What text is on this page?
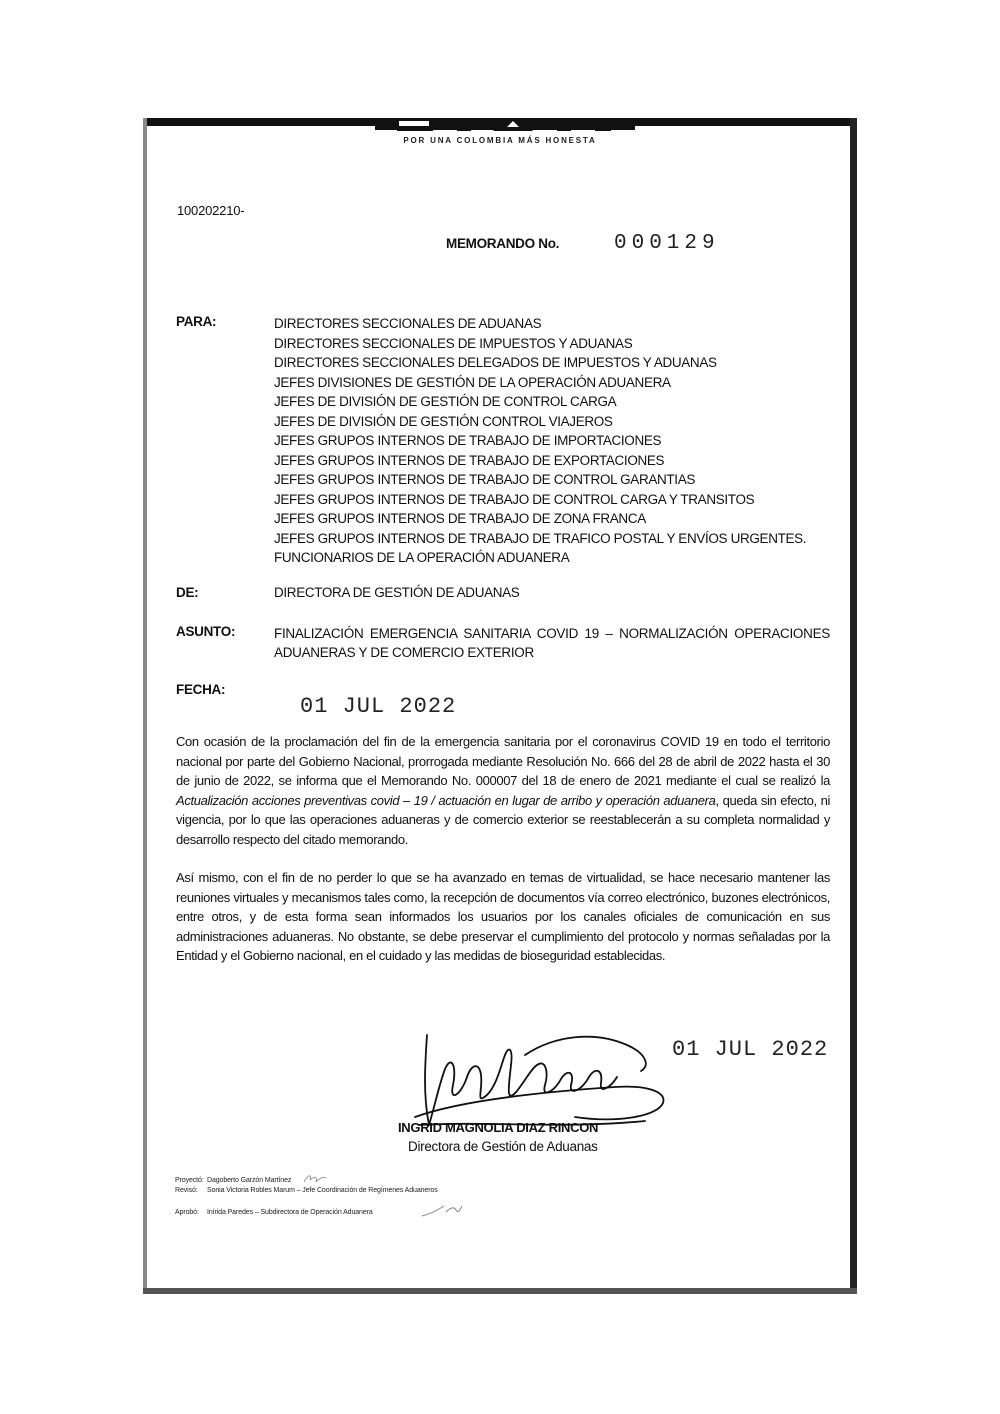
POR UNA COLOMBIA MÁS HONESTA
100202210-
MEMORANDO No.	000129
PARA:	DIRECTORES SECCIONALES DE ADUANAS
DIRECTORES SECCIONALES DE IMPUESTOS Y ADUANAS
DIRECTORES SECCIONALES DELEGADOS DE IMPUESTOS Y ADUANAS
JEFES DIVISIONES DE GESTIÓN DE LA OPERACIÓN ADUANERA
JEFES DE DIVISIÓN DE GESTIÓN DE CONTROL CARGA
JEFES DE DIVISIÓN DE GESTIÓN CONTROL VIAJEROS
JEFES GRUPOS INTERNOS DE TRABAJO DE IMPORTACIONES
JEFES GRUPOS INTERNOS DE TRABAJO DE EXPORTACIONES
JEFES GRUPOS INTERNOS DE TRABAJO DE CONTROL GARANTIAS
JEFES GRUPOS INTERNOS DE TRABAJO DE CONTROL CARGA Y TRANSITOS
JEFES GRUPOS INTERNOS DE TRABAJO DE ZONA FRANCA
JEFES GRUPOS INTERNOS DE TRABAJO DE TRAFICO POSTAL Y ENVÍOS URGENTES.
FUNCIONARIOS DE LA OPERACIÓN ADUANERA
DE:	DIRECTORA DE GESTIÓN DE ADUANAS
ASUNTO:	FINALIZACIÓN EMERGENCIA SANITARIA COVID 19 – NORMALIZACIÓN OPERACIONES ADUANERAS Y DE COMERCIO EXTERIOR
FECHA:
01 JUL 2022
Con ocasión de la proclamación del fin de la emergencia sanitaria por el coronavirus COVID 19 en todo el territorio nacional por parte del Gobierno Nacional, prorrogada mediante Resolución No. 666 del 28 de abril de 2022 hasta el 30 de junio de 2022, se informa que el Memorando No. 000007 del 18 de enero de 2021 mediante el cual se realizó la Actualización acciones preventivas covid – 19 / actuación en lugar de arribo y operación aduanera, queda sin efecto, ni vigencia, por lo que las operaciones aduaneras y de comercio exterior se reestablecerán a su completa normalidad y desarrollo respecto del citado memorando.
Así mismo, con el fin de no perder lo que se ha avanzado en temas de virtualidad, se hace necesario mantener las reuniones virtuales y mecanismos tales como, la recepción de documentos vía correo electrónico, buzones electrónicos, entre otros, y de esta forma sean informados los usuarios por los canales oficiales de comunicación en sus administraciones aduaneras. No obstante, se debe preservar el cumplimiento del protocolo y normas señaladas por la Entidad y el Gobierno nacional, en el cuidado y las medidas de bioseguridad establecidas.
01 JUL 2022
INGRID MAGNOLIA DIAZ RINCON
Directora de Gestión de Aduanas
Proyectó: Dagoberto Garzón Martínez
Revisó: Sonia Victoria Robles Marum – Jefe Coordinación de Regímenes Aduaneros
Aprobó: Inírida Paredes – Subdirectora de Operación Aduanera
